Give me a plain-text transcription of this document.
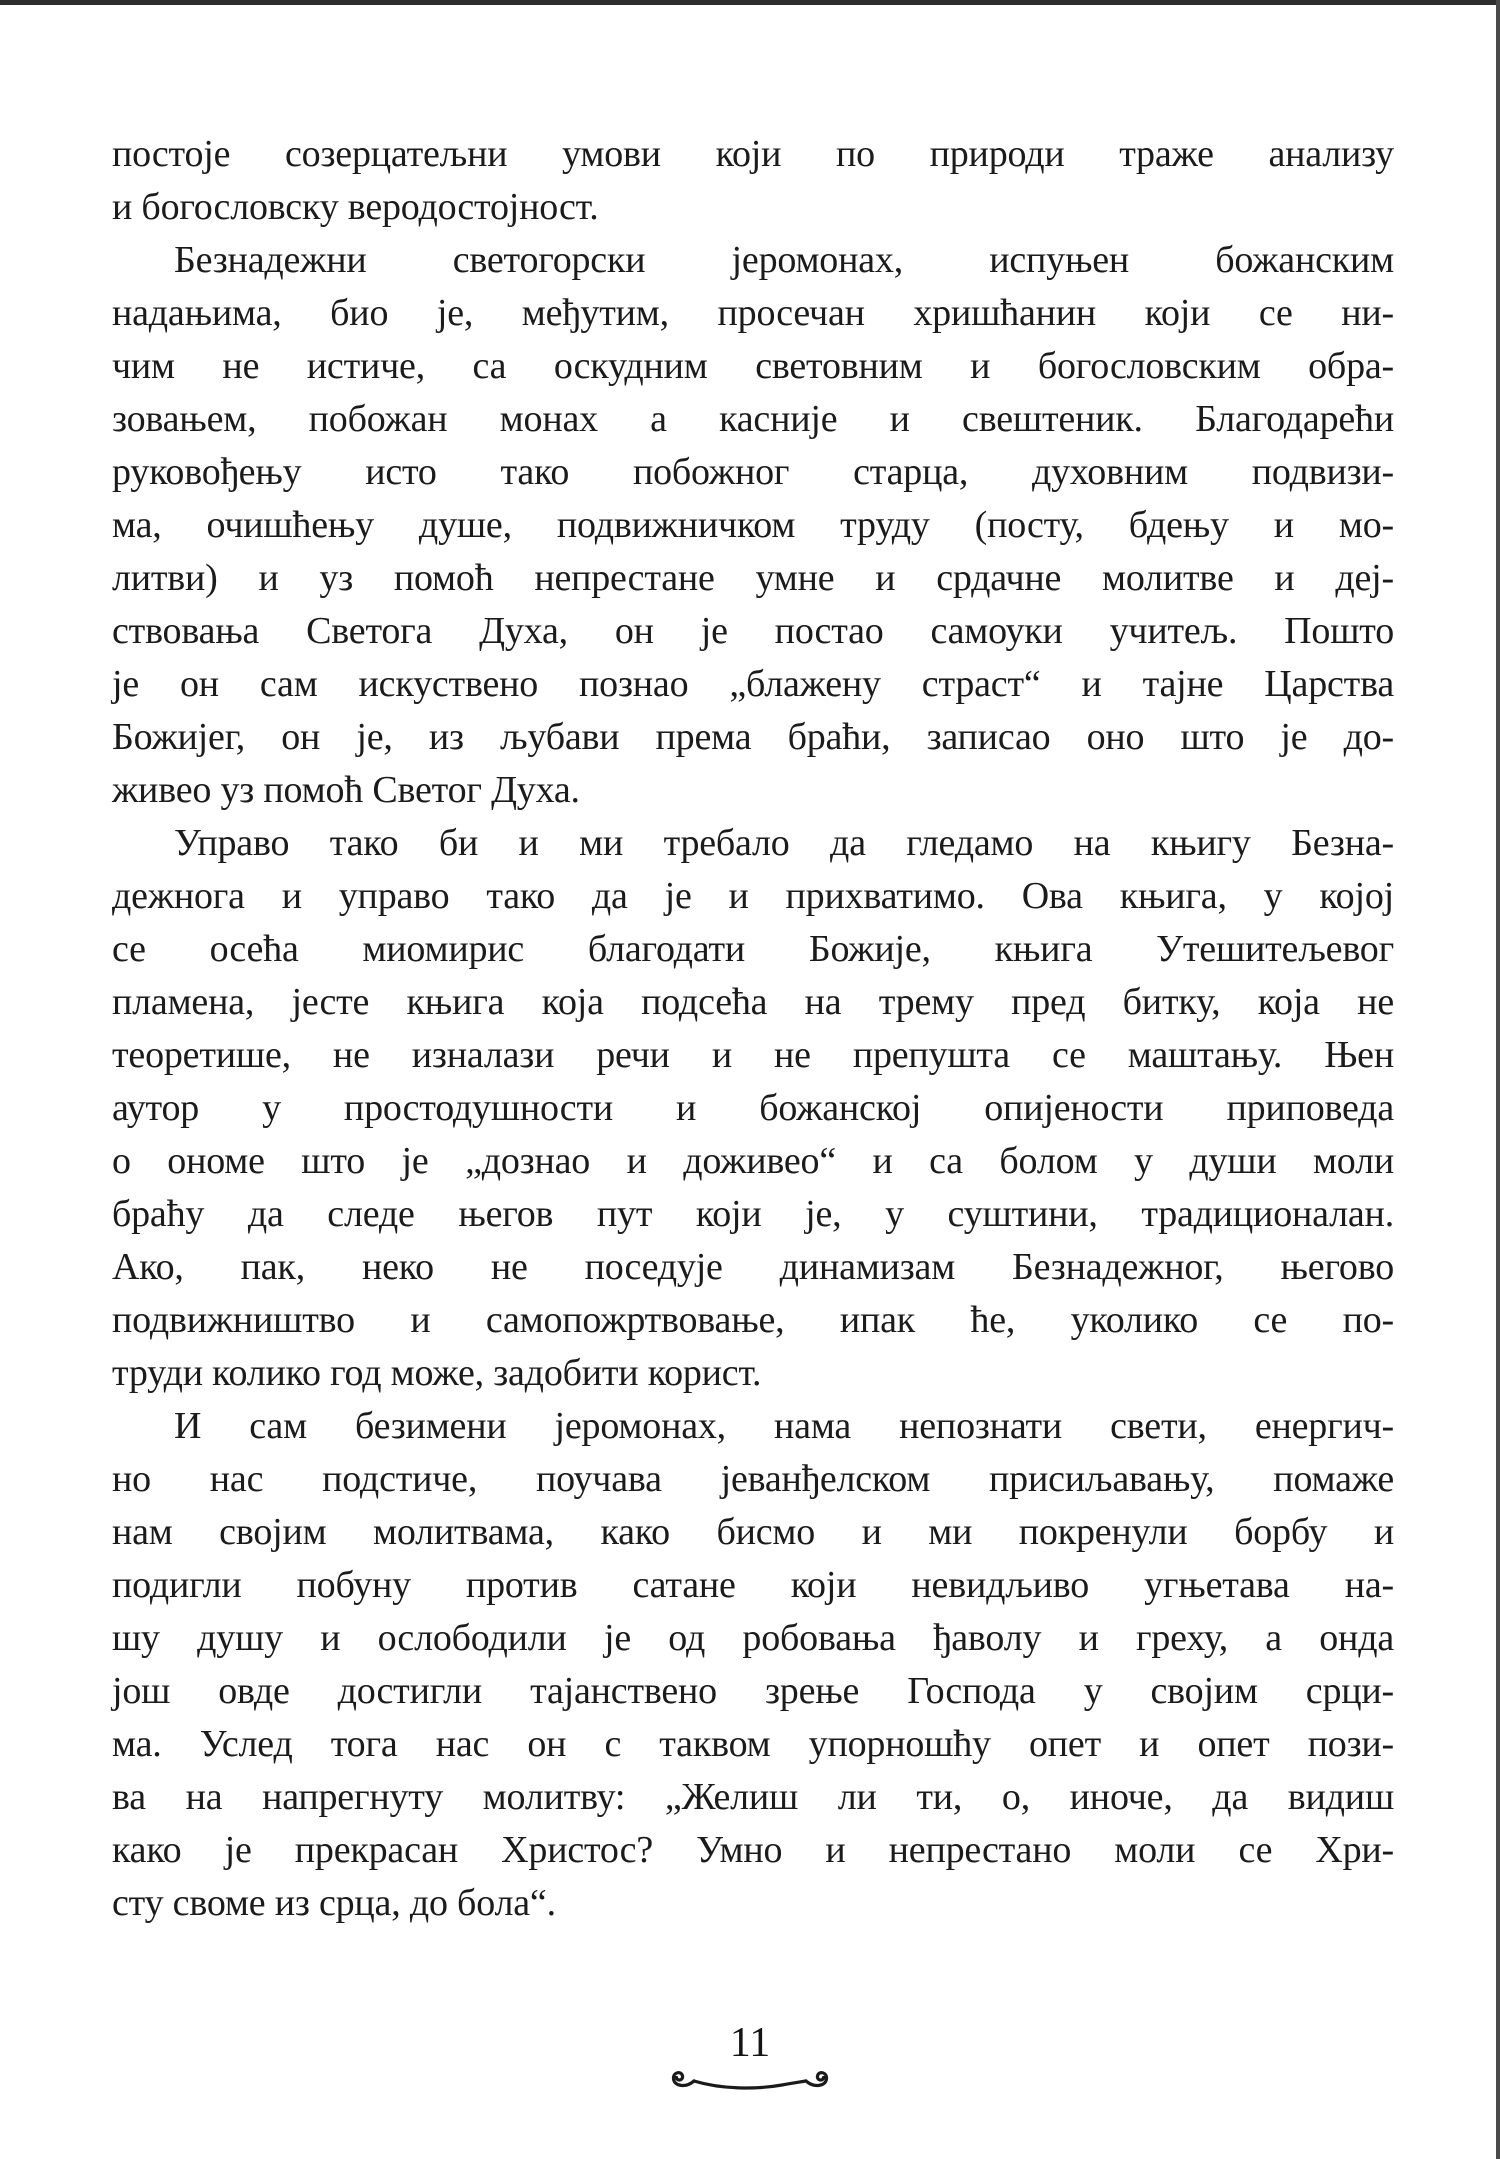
постоје созерцатељни умови који по природи траже анализу
и богословску веродостојност.
Безнадежни светогорски јеромонах, испуњен божанским
надањима, био је, међутим, просечан хришћанин који се ни-
чим не истиче, са оскудним световним и богословским обра-
зовањем, побожан монах а касније и свештеник. Благодарећи
руковођењу исто тако побожног старца, духовним подвизи-
ма, очишћењу душе, подвижничком труду (посту, бдењу и мо-
литви) и уз помоћ непрестане умне и срдачне молитве и деј-
ствовања Светога Духа, он је постао самоуки учитељ. Пошто
је он сам искуствено познао „блажену страст“ и тајне Царства
Божијег, он је, из љубави према браћи, записао оно што је до-
живео уз помоћ Светог Духа.
Управо тако би и ми требало да гледамо на књигу Безна-
дежнога и управо тако да је и прихватимо. Ова књига, у којој
се осећа миомирис благодати Божије, књига Утешитељевог
пламена, јесте књига која подсећа на трему пред битку, која не
теоретише, не изналази речи и не препушта се маштању. Њен
аутор у простодушности и божанској опијености приповеда
о ономе што је „дознао и доживео“ и са болом у души моли
браћу да следе његов пут који је, у суштини, традиционалан.
Ако, пак, неко не поседује динамизам Безнадежног, његово
подвижништво и самопожртвовање, ипак ће, уколико се по-
труди колико год може, задобити корист.
И сам безимени јеромонах, нама непознати свети, енергич-
но нас подстиче, поучава јеванђелском присиљавању, помаже
нам својим молитвама, како бисмо и ми покренули борбу и
подигли побуну против сатане који невидљиво угњетава на-
шу душу и ослободили је од робовања ђаволу и греху, а онда
још овде достигли тајанствено зрење Господа у својим срци-
ма. Услед тога нас он с таквом упорношћу опет и опет пози-
ва на напрегнуту молитву: „Желиш ли ти, о, иноче, да видиш
како је прекрасан Христос? Умно и непрестано моли се Хри-
сту своме из срца, до бола“.
11
